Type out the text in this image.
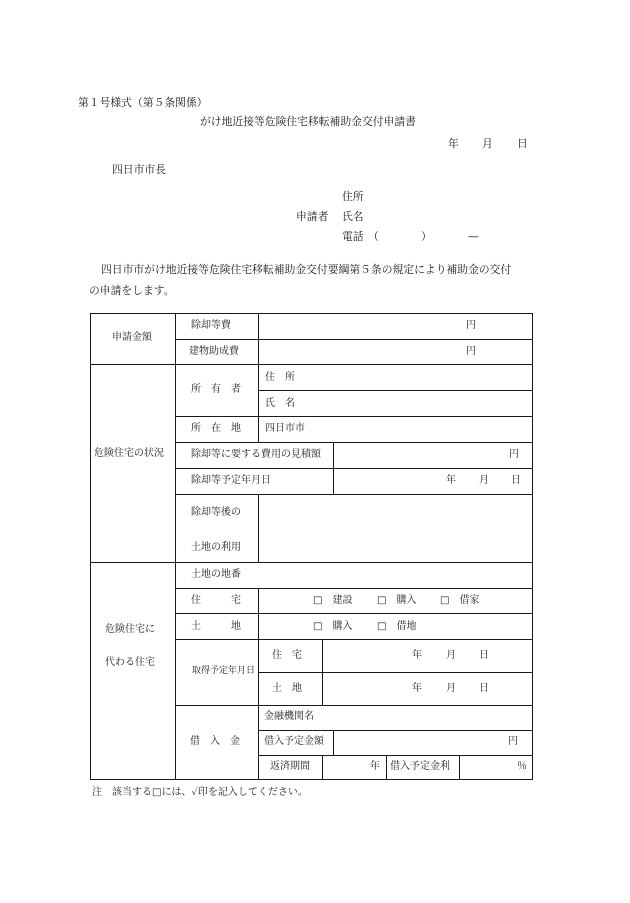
第１号様式（第５条関係）
がけ地近接等危険住宅移転補助金交付申請書
年 月 日
四日市市長
住所
申請者 氏名
電話 （	）	—
四日市市がけ地近接等危険住宅移転補助金交付要綱第５条の規定により補助金の交付
の申請をします。
申請金額
除却等費	円
建物助成費	円
危険住宅の状況
所　有　者
住　所
氏　名
所　在　地 四日市市
除却等に要する費用の見積額	円
除却等予定年月日	年 月 日
除却等後の
土地の利用
危険住宅に
代わる住宅
土地の地番
住　　　宅	□　建設 □　購入 □　借家
土　　　地	□　購入 □　借地
取得予定年月日
住　宅	年 月 日
土　地	年 月 日
借　入　金
金融機関名
借入予定金額	円
返済期間	年 借入予定金利	％
注　該当する□には、✓印を記入してください。
